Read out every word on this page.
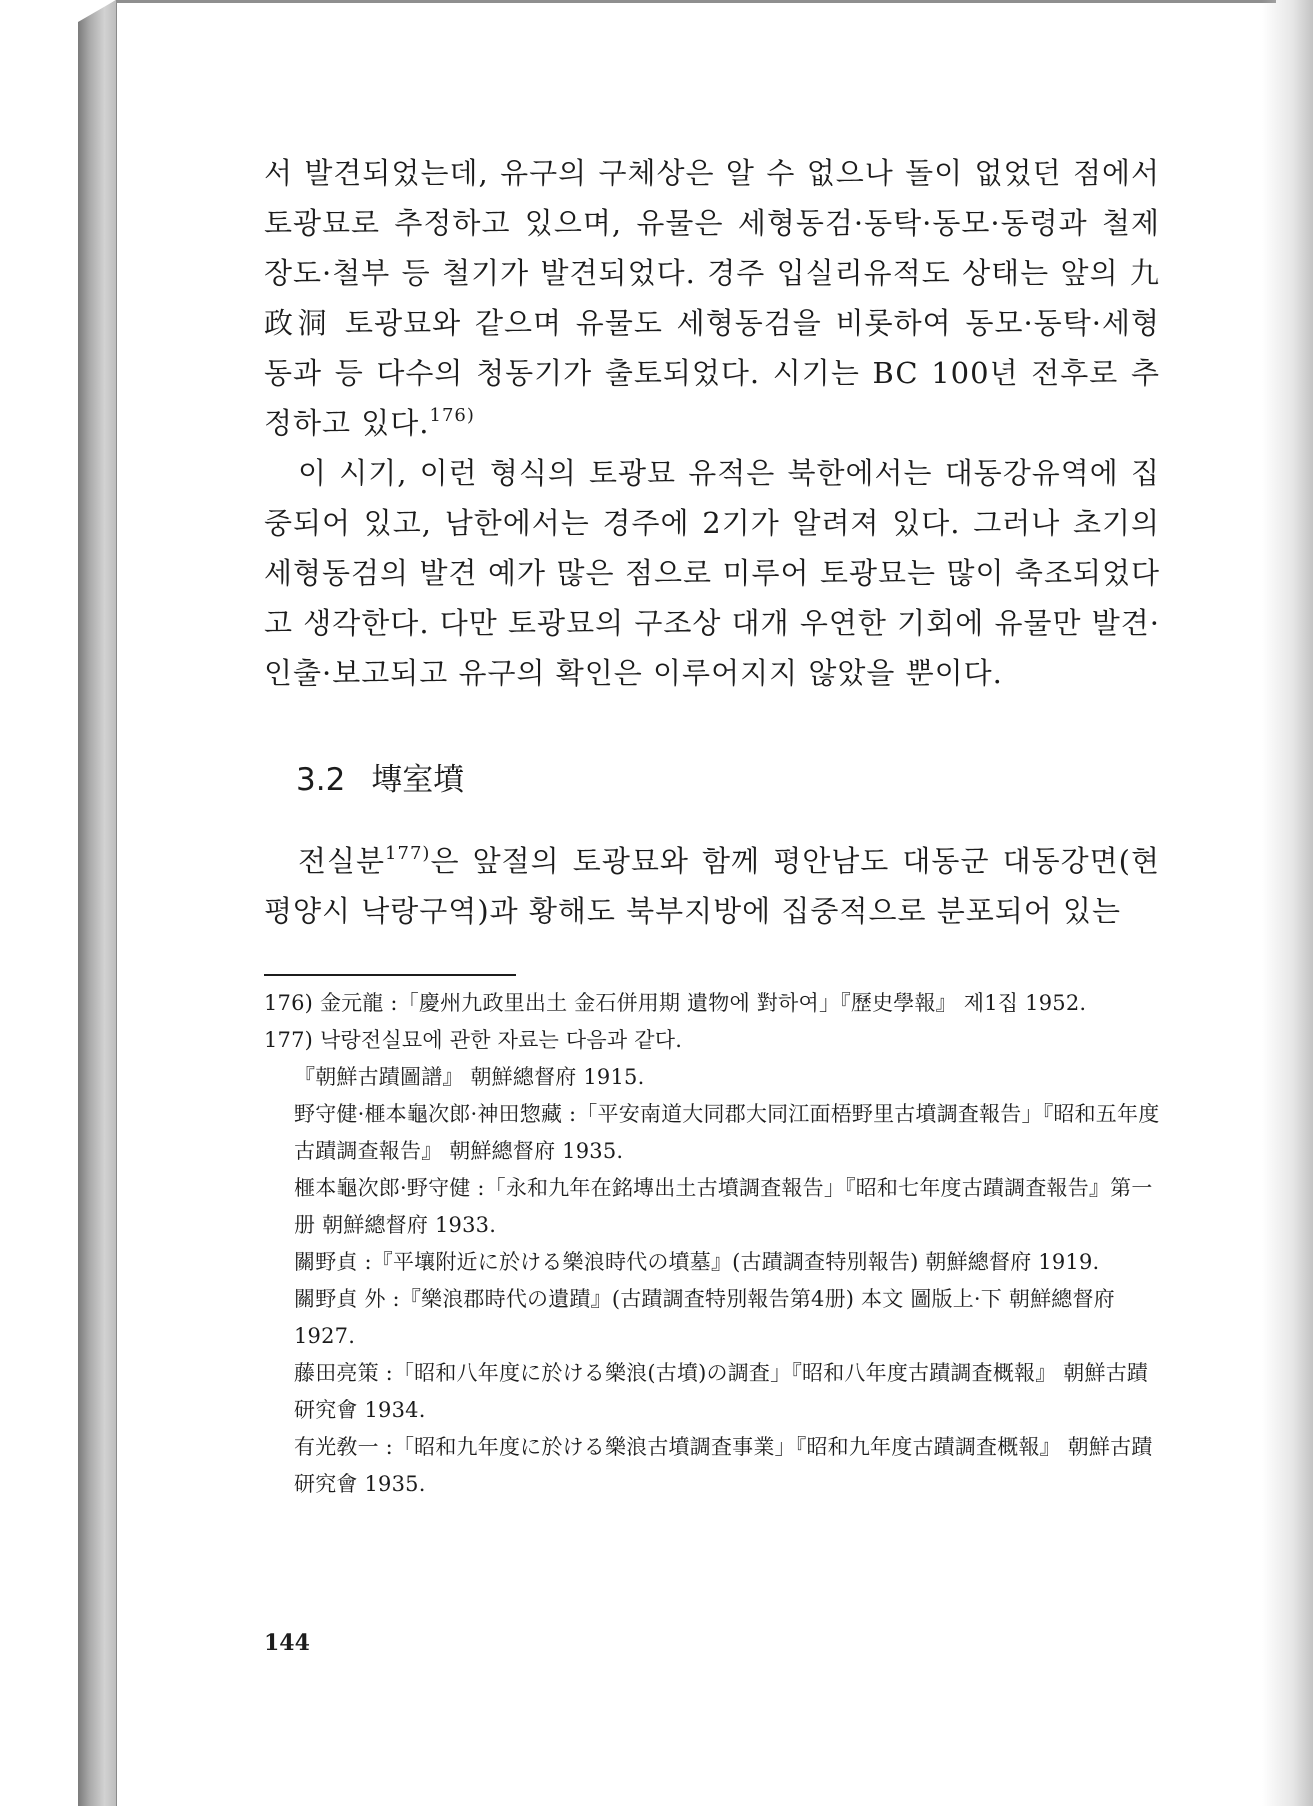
서 발견되었는데, 유구의 구체상은 알 수 없으나 돌이 없었던 점에서 토광묘로 추정하고 있으며, 유물은 세형동검·동탁·동모·동령과 철제장도·철부 등 철기가 발견되었다. 경주 입실리유적도 상태는 앞의 九政洞 토광묘와 같으며 유물도 세형동검을 비롯하여 동모·동탁·세형동과 등 다수의 청동기가 출토되었다. 시기는 BC 100년 전후로 추정하고 있다.$^{176)}$

이 시기, 이런 형식의 토광묘 유적은 북한에서는 대동강유역에 집중되어 있고, 남한에서는 경주에 2기가 알려져 있다. 그러나 초기의 세형동검의 발견 예가 많은 점으로 미루어 토광묘는 많이 축조되었다고 생각한다. 다만 토광묘의 구조상 대개 우연한 기회에 유물만 발견·인출·보고되고 유구의 확인은 이루어지지 않았을 뿐이다.

3.2 塼室墳

전실분$^{177)}$은 앞절의 토광묘와 함께 평안남도 대동군 대동강면(현 평양시 낙랑구역)과 황해도 북부지방에 집중적으로 분포되어 있는

176) 金元龍 :「慶州九政里出土 金石併用期 遺物에 對하여」『歷史學報』 제1집 1952.

177) 낙랑전실묘에 관한 자료는 다음과 같다.

『朝鮮古蹟圖譜』 朝鮮總督府 1915.

野守健·榧本龜次郎·神田惣藏 :「平安南道大同郡大同江面梧野里古墳調査報告」『昭和五年度古蹟調查報告』 朝鮮總督府 1935.

榧本龜次郎·野守健 :「永和九年在銘塼出土古墳調査報告」『昭和七年度古蹟調査報告』第一册 朝鮮總督府 1933.

關野貞 :『平壤附近に於ける樂浪時代の墳墓』(古蹟調查特別報告) 朝鮮總督府 1919.

關野貞 外 :『樂浪郡時代の遺蹟』(古蹟調査特別報告第4册) 本文 圖版上·下 朝鮮總督府 1927.

藤田亮策 :「昭和八年度に於ける樂浪(古墳)の調査」『昭和八年度古蹟調査概報』 朝鮮古蹟研究會 1934.

有光敎一 :「昭和九年度に於ける樂浪古墳調査事業」『昭和九年度古蹟調査概報』 朝鮮古蹟研究會 1935.

144
